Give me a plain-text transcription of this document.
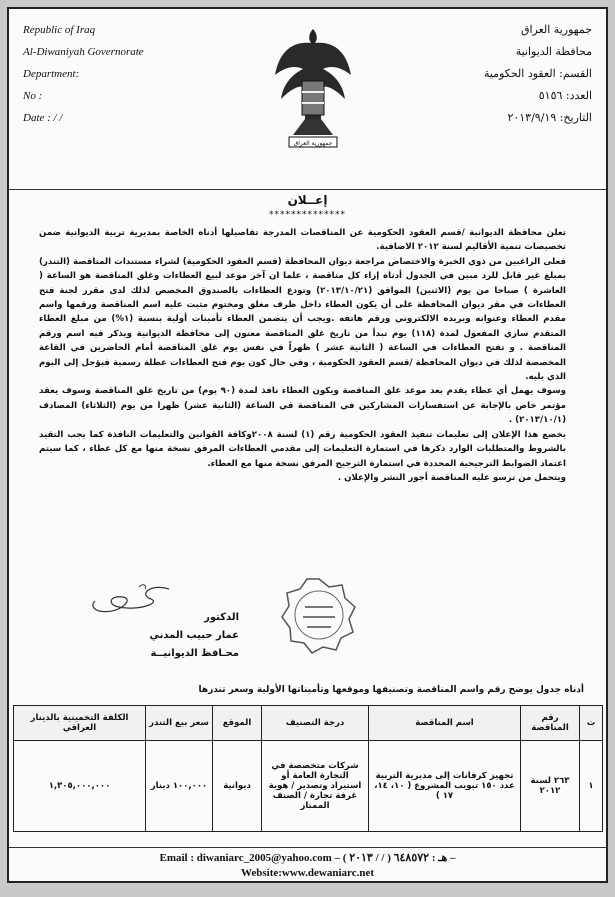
Republic of Iraq
Al-Diwaniyah Governorate
Department:
No :
Date : / /
جمهورية العراق
جمهورية العراق
محافظة الديوانية
القسم: العقود الحكومية
العدد: ٥١٥٦
التاريخ: ٢٠١٣/٩/١٩
إعــلان
**************

تعلن محافظة الديوانية /قسم العقود الحكومية عن المناقصات المدرجة تفاصيلها أدناه الخاصة بمديرية تربية الديوانية ضمن تخصيصات تنمية الأقاليم لسنة ٢٠١٢ الاضافية.

فعلى الراغبين من ذوي الخبرة والاختصاص مراجعة ديوان المحافظة (قسم العقود الحكومية) لشراء مستندات المناقصة (التندر) بمبلغ غير قابل للرد مبين في الجدول أدناه إزاء كل مناقصة ، علما ان آخر موعد لبيع العطاءات وغلق المناقصة هو الساعة ( العاشرة ) صباحا من يوم (الاثنين) الموافق (٢٠١٣/١٠/٢١) وتودع العطاءات بالصندوق المخصص لذلك لدى مقرر لجنة فتح العطاءات في مقر ديوان المحافظة على أن يكون العطاء داخل ظرف مغلق ومختوم مثبت عليه اسم المناقصة ورقمها واسم مقدم العطاء وعنوانه وبريده الالكتروني ورقم هاتفه .ويجب أن يتضمن العطاء تأمينات أولية بنسبة (١%) من مبلغ العطاء المتقدم ساري المفعول لمدة (١١٨) يوم تبدأ من تاريخ غلق المناقصة معنون إلى محافظة الديوانية ويذكر فيه اسم ورقم المناقصة . و تفتح العطاءات في الساعة ( الثانية عشر ) ظهراً في نفس يوم غلق المناقصة أمام الحاضرين في القاعة المخصصة لذلك في ديوان المحافظة /قسم العقود الحكومية ، وفي حال كون يوم فتح العطاءات عطلة رسمية فيؤجل إلى اليوم الذي يليه.

وسوف يهمل أي عطاء يقدم بعد موعد غلق المناقصة ويكون العطاء نافذ لمدة (٩٠ يوم) من تاريخ غلق المناقصة وسوف يعقد مؤتمر خاص بالإجابة عن استفسارات المشاركين في المناقصة في الساعة (الثانية عشر) ظهرا من يوم (الثلاثاء) المصادف (٢٠١٣/١٠/١) .

يخضع هذا الإعلان إلى تعليمات تنفيذ العقود الحكومية رقم (١) لسنة ٢٠٠٨وكافة القوانين والتعليمات النافذة كما يجب التقيد بالشروط والمتطلبات الوارد ذكرها في استمارة التعليمات إلى مقدمي العطاءات المرفق نسخة منها مع كل عطاء ، كما سيتم اعتماد الضوابط الترجيحية المحددة في استمارة الترجيح المرفق نسخة منها مع العطاء.

ويتحمل من ترسو عليه المناقصة أجور النشر والإعلان .

الدكتور
عمار حبيب المدني
محـافظ الديوانيــة
أدناه جدول يوضح رقم واسم المناقصة وتصنيفها وموقعها وتأميناتها الأولية وسعر تندرها
ت	رقم المناقصة	اسم المناقصة	درجة التصنيف	الموقع	سعر بيع التندر	الكلفة التخمينية بالدينار العراقي
١	٢٦٣ لسنة ٢٠١٢	تجهيز كرفانات إلى مديرية التربية عدد ١٥٠ تبويب المشروع ( ١٠، ١٤، ١٧ )	شركات متخصصة في التجارة العامة أو استيراد وتصدير / هوية غرفة تجارة / الصنف الممتاز	ديوانية	١٠٠,٠٠٠ دينار	١,٣٠٥,٠٠٠,٠٠٠
Email : diwaniarc_2005@yahoo.com – ( ٢٠١٣ / / ) هـ : ٦٤٨٥٧٢ –
Website:www.dewaniarc.net
